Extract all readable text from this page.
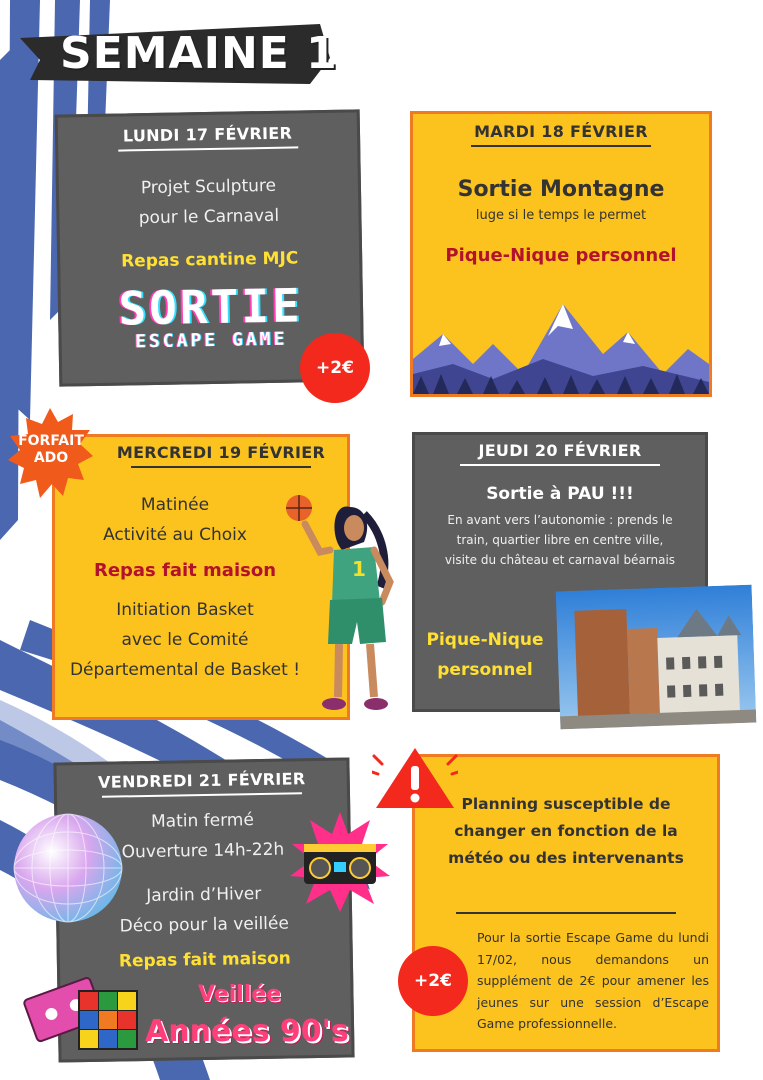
SEMAINE 1
LUNDI 17 FÉVRIER
Projet Sculpture
pour le Carnaval
Repas cantine MJC
SORTIE
ESCAPE GAME
+2€
MARDI 18 FÉVRIER
Sortie Montagne
luge si le temps le permet
Pique-Nique personnel
FORFAIT
ADO	MERCREDI 19 FÉVRIER
Matinée
Activité au Choix
Repas fait maison
Initiation Basket
avec le Comité
Départemental de Basket !
1
JEUDI 20 FÉVRIER
Sortie à PAU !!!
En avant vers l’autonomie : prends le
train, quartier libre en centre ville,
visite du château et carnaval béarnais
Pique-Nique
personnel
VENDREDI 21 FÉVRIER
Matin fermé
Ouverture 14h-22h
Jardin d’Hiver
Déco pour la veillée
Repas fait maison
Veillée
Années 90's
Planning susceptible de
changer en fonction de la
météo ou des intervenants
Pour la sortie Escape Game du lundi 17/02, nous demandons un supplément de 2€ pour amener les jeunes sur une session d’Escape Game professionnelle.
+2€
